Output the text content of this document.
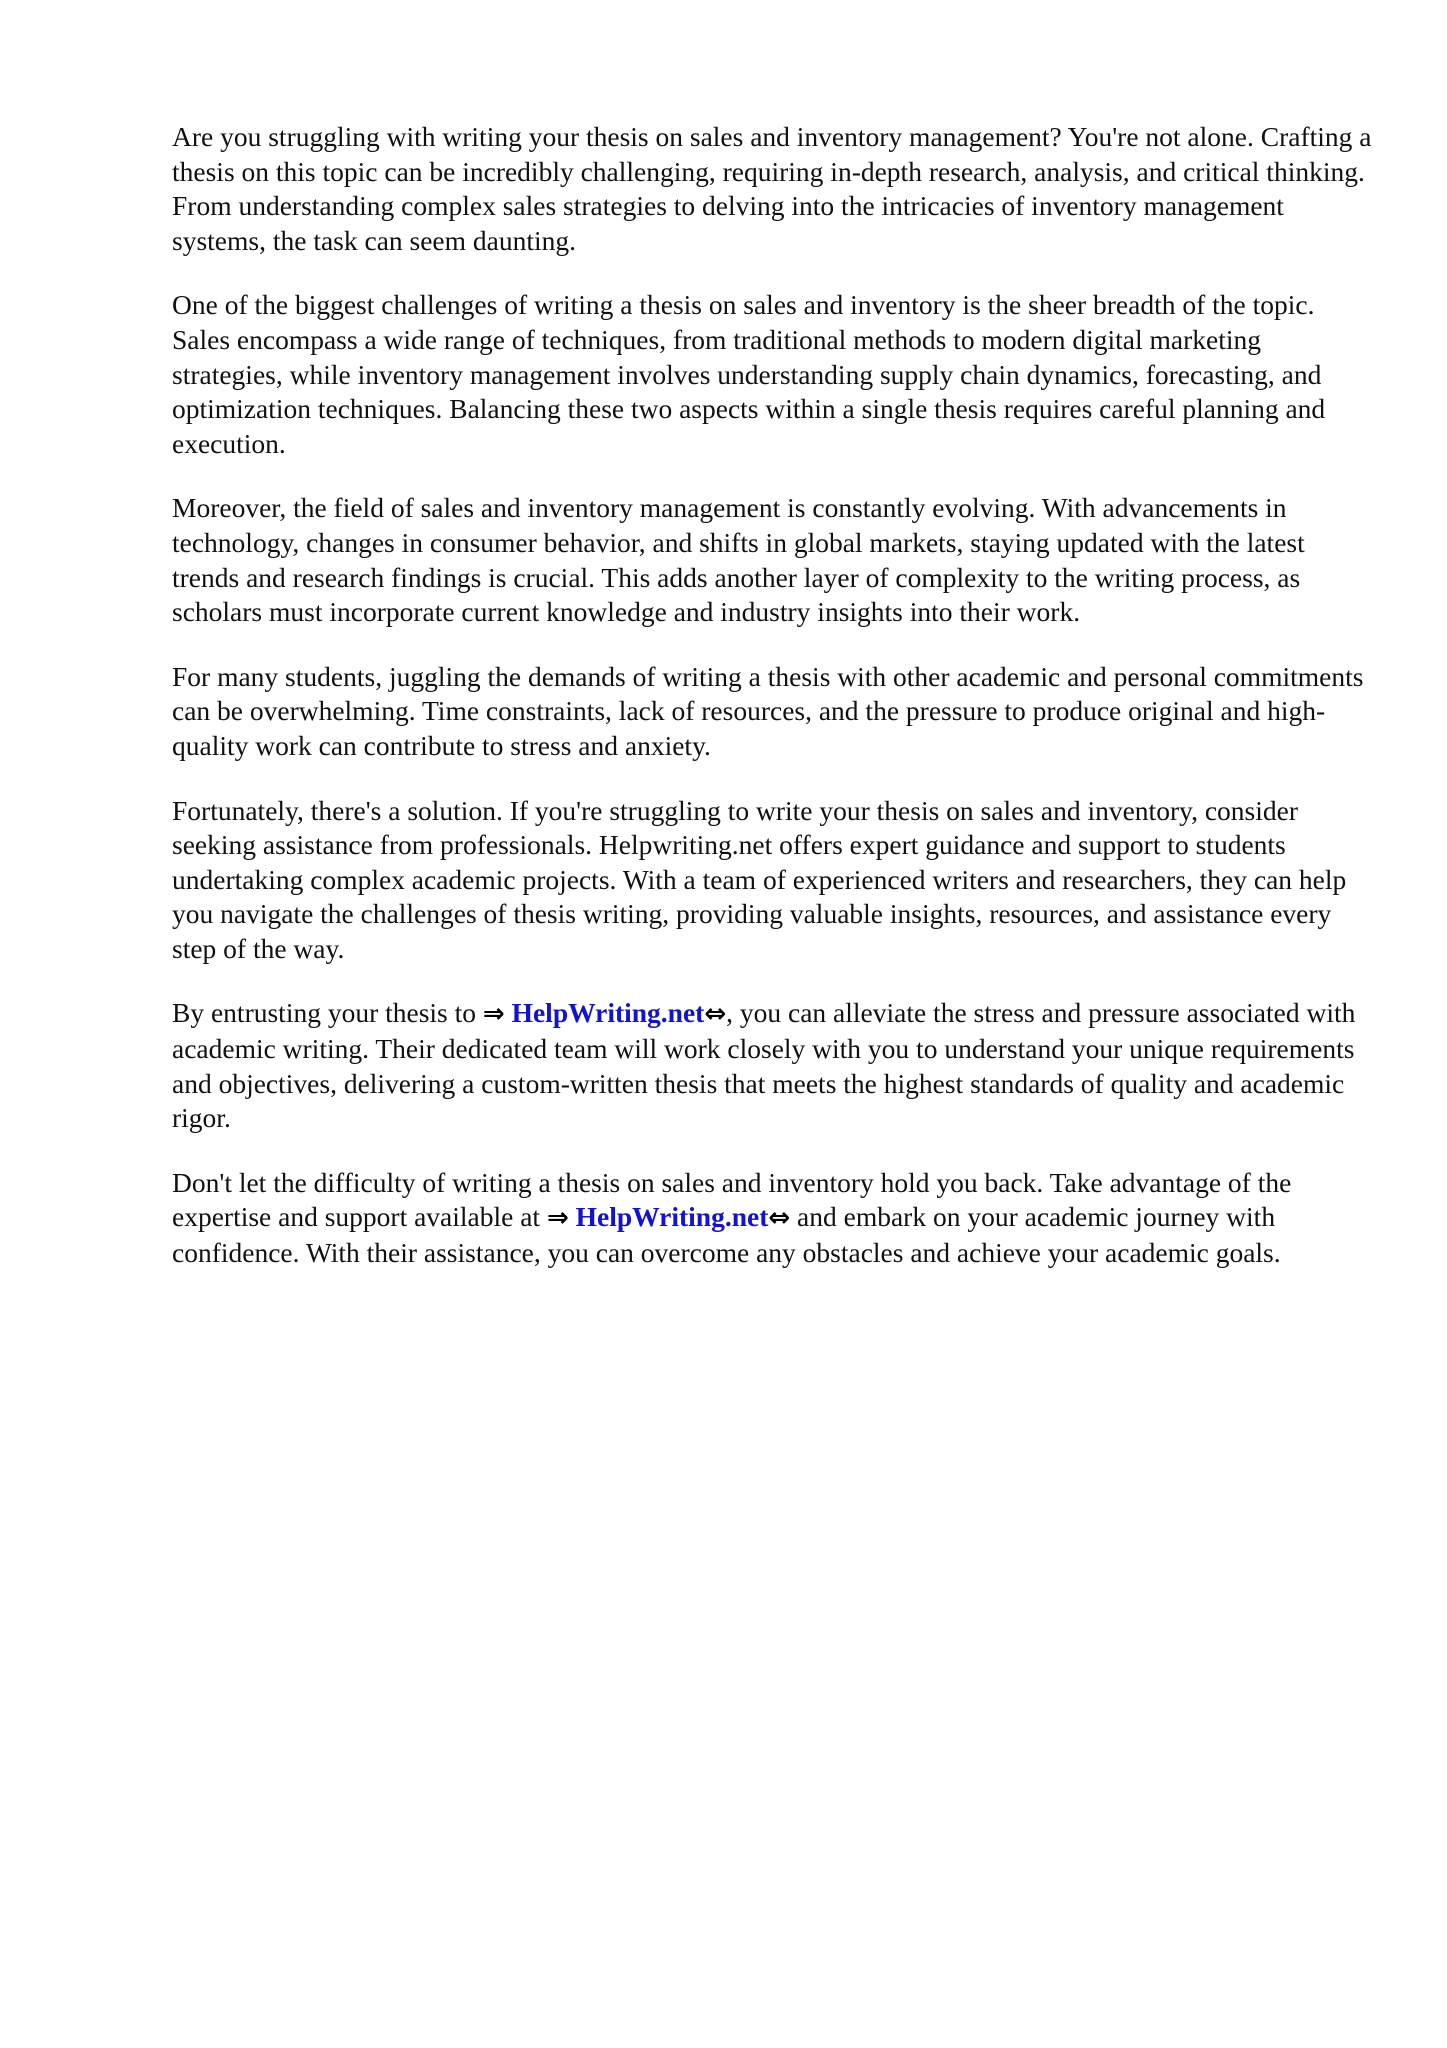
Are you struggling with writing your thesis on sales and inventory management? You're not alone. Crafting a thesis on this topic can be incredibly challenging, requiring in-depth research, analysis, and critical thinking. From understanding complex sales strategies to delving into the intricacies of inventory management systems, the task can seem daunting.

One of the biggest challenges of writing a thesis on sales and inventory is the sheer breadth of the topic. Sales encompass a wide range of techniques, from traditional methods to modern digital marketing strategies, while inventory management involves understanding supply chain dynamics, forecasting, and optimization techniques. Balancing these two aspects within a single thesis requires careful planning and execution.

Moreover, the field of sales and inventory management is constantly evolving. With advancements in technology, changes in consumer behavior, and shifts in global markets, staying updated with the latest trends and research findings is crucial. This adds another layer of complexity to the writing process, as scholars must incorporate current knowledge and industry insights into their work.

For many students, juggling the demands of writing a thesis with other academic and personal commitments can be overwhelming. Time constraints, lack of resources, and the pressure to produce original and high-quality work can contribute to stress and anxiety.

Fortunately, there's a solution. If you're struggling to write your thesis on sales and inventory, consider seeking assistance from professionals. Helpwriting.net offers expert guidance and support to students undertaking complex academic projects. With a team of experienced writers and researchers, they can help you navigate the challenges of thesis writing, providing valuable insights, resources, and assistance every step of the way.

By entrusting your thesis to ⇒ HelpWriting.net⇔, you can alleviate the stress and pressure associated with academic writing. Their dedicated team will work closely with you to understand your unique requirements and objectives, delivering a custom-written thesis that meets the highest standards of quality and academic rigor.

Don't let the difficulty of writing a thesis on sales and inventory hold you back. Take advantage of the expertise and support available at ⇒ HelpWriting.net⇔ and embark on your academic journey with confidence. With their assistance, you can overcome any obstacles and achieve your academic goals.
